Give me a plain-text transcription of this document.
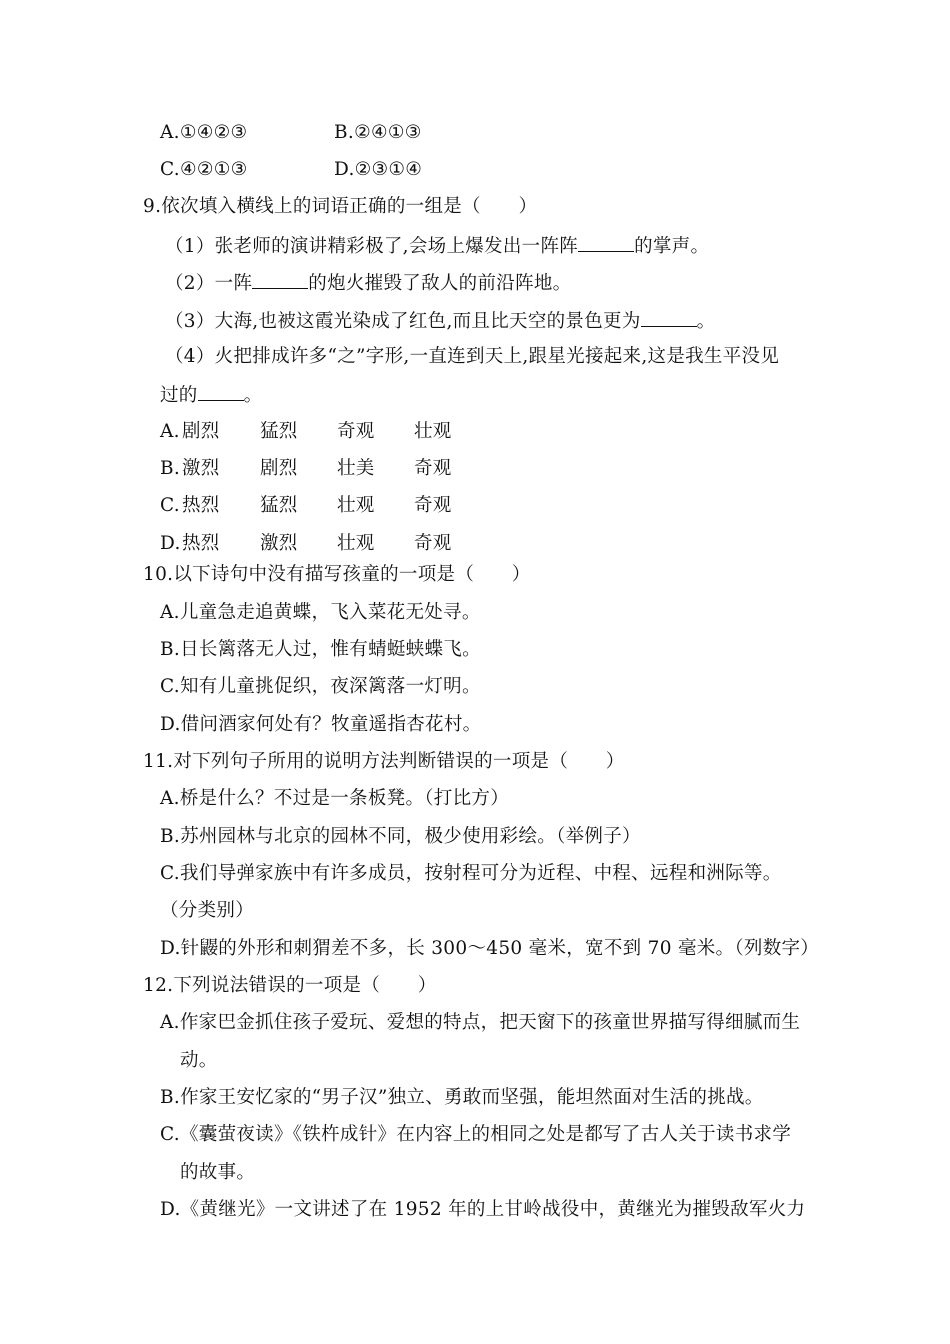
A.①④②③	B.②④①③
C.④②①③	D.②③①④
9.依次填入横线上的词语正确的一组是（　　）
（1）张老师的演讲精彩极了,会场上爆发出一阵阵	的掌声。
（2）一阵	的炮火摧毁了敌人的前沿阵地。
（3）大海,也被这霞光染成了红色,而且比天空的景色更为	。
（4）火把排成许多“之”字形,一直连到天上,跟星光接起来,这是我生平没见
过的 。
A. 剧烈 猛烈 奇观 壮观
B. 激烈 剧烈 壮美 奇观
C. 热烈 猛烈 壮观 奇观
D.热烈 激烈 壮观 奇观
10.以下诗句中没有描写孩童的一项是（　　）
A.儿童急走追黄蝶，飞入菜花无处寻。
B.日长篱落无人过，惟有蜻蜓蛱蝶飞。
C.知有儿童挑促织，夜深篱落一灯明。
D.借问酒家何处有？牧童遥指杏花村。
11.对下列句子所用的说明方法判断错误的一项是（　　）
A.桥是什么？不过是一条板凳。（打比方）
B.苏州园林与北京的园林不同，极少使用彩绘。（举例子）
C.我们导弹家族中有许多成员，按射程可分为近程、中程、远程和洲际等。
（分类别）
D.针鼹的外形和刺猬差不多，长 300～450 毫米，宽不到 70 毫米。（列数字）
12.下列说法错误的一项是（　　）
A.作家巴金抓住孩子爱玩、爱想的特点，把天窗下的孩童世界描写得细腻而生
动。
B.作家王安忆家的“男子汉”独立、勇敢而坚强，能坦然面对生活的挑战。
C.《囊萤夜读》《铁杵成针》在内容上的相同之处是都写了古人关于读书求学
的故事。
D.《黄继光》一文讲述了在 1952 年的上甘岭战役中，黄继光为摧毁敌军火力
